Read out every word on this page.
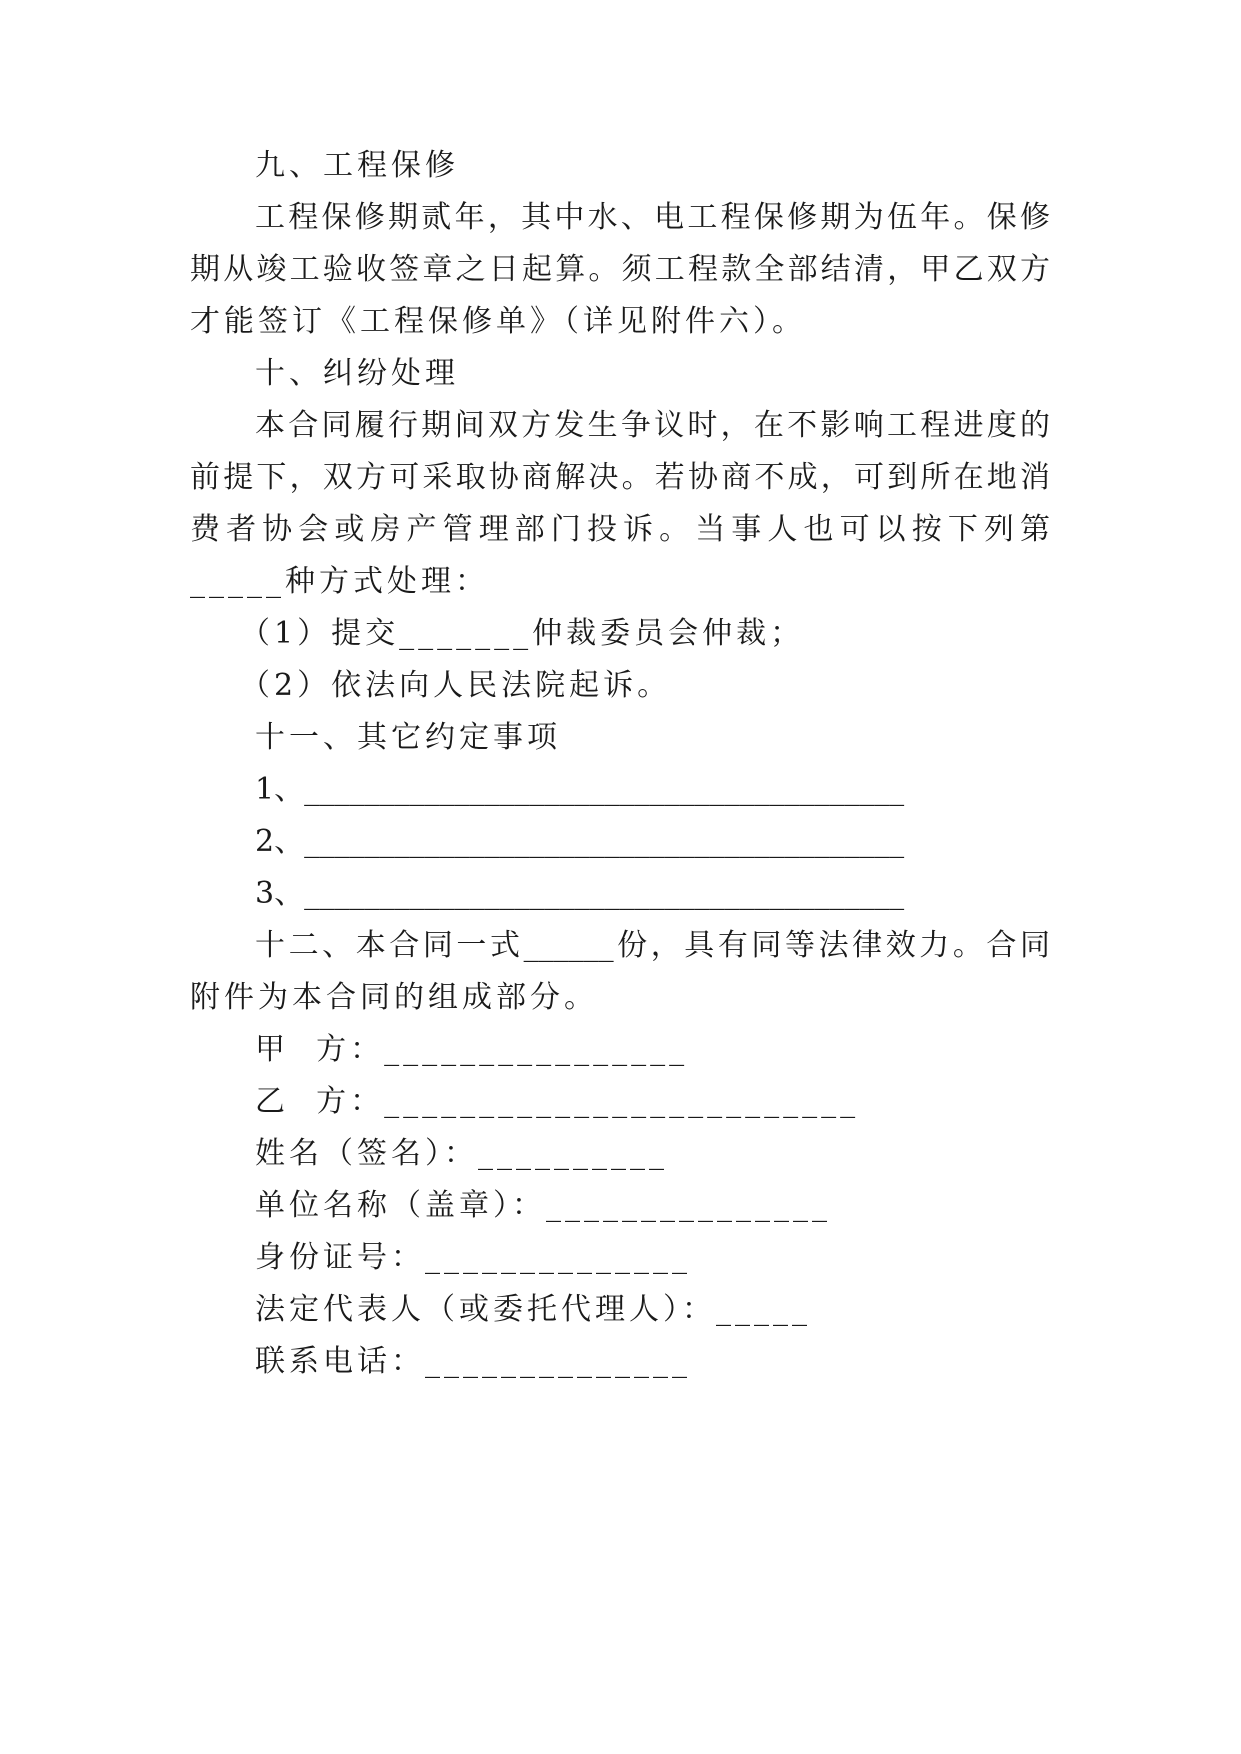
九、工程保修
工程保修期贰年，其中水、电工程保修期为伍年。保修
期从竣工验收签章之日起算。须工程款全部结清，甲乙双方
才能签订《工程保修单》（详见附件六）。
十、纠纷处理
本合同履行期间双方发生争议时，在不影响工程进度的
前提下，双方可采取协商解决。若协商不成，可到所在地消
费者协会或房产管理部门投诉。当事人也可以按下列第
_____种方式处理：
（1）提交_______仲裁委员会仲裁；
（2）依法向人民法院起诉。
十一、其它约定事项
1、________________________________________
2、________________________________________
3、________________________________________
十二、本合同一式______份，具有同等法律效力。合同
附件为本合同的组成部分。
甲  方：________________
乙  方：_________________________
姓名（签名）：__________
单位名称（盖章）：_______________
身份证号：______________
法定代表人（或委托代理人）：_____
联系电话：______________
